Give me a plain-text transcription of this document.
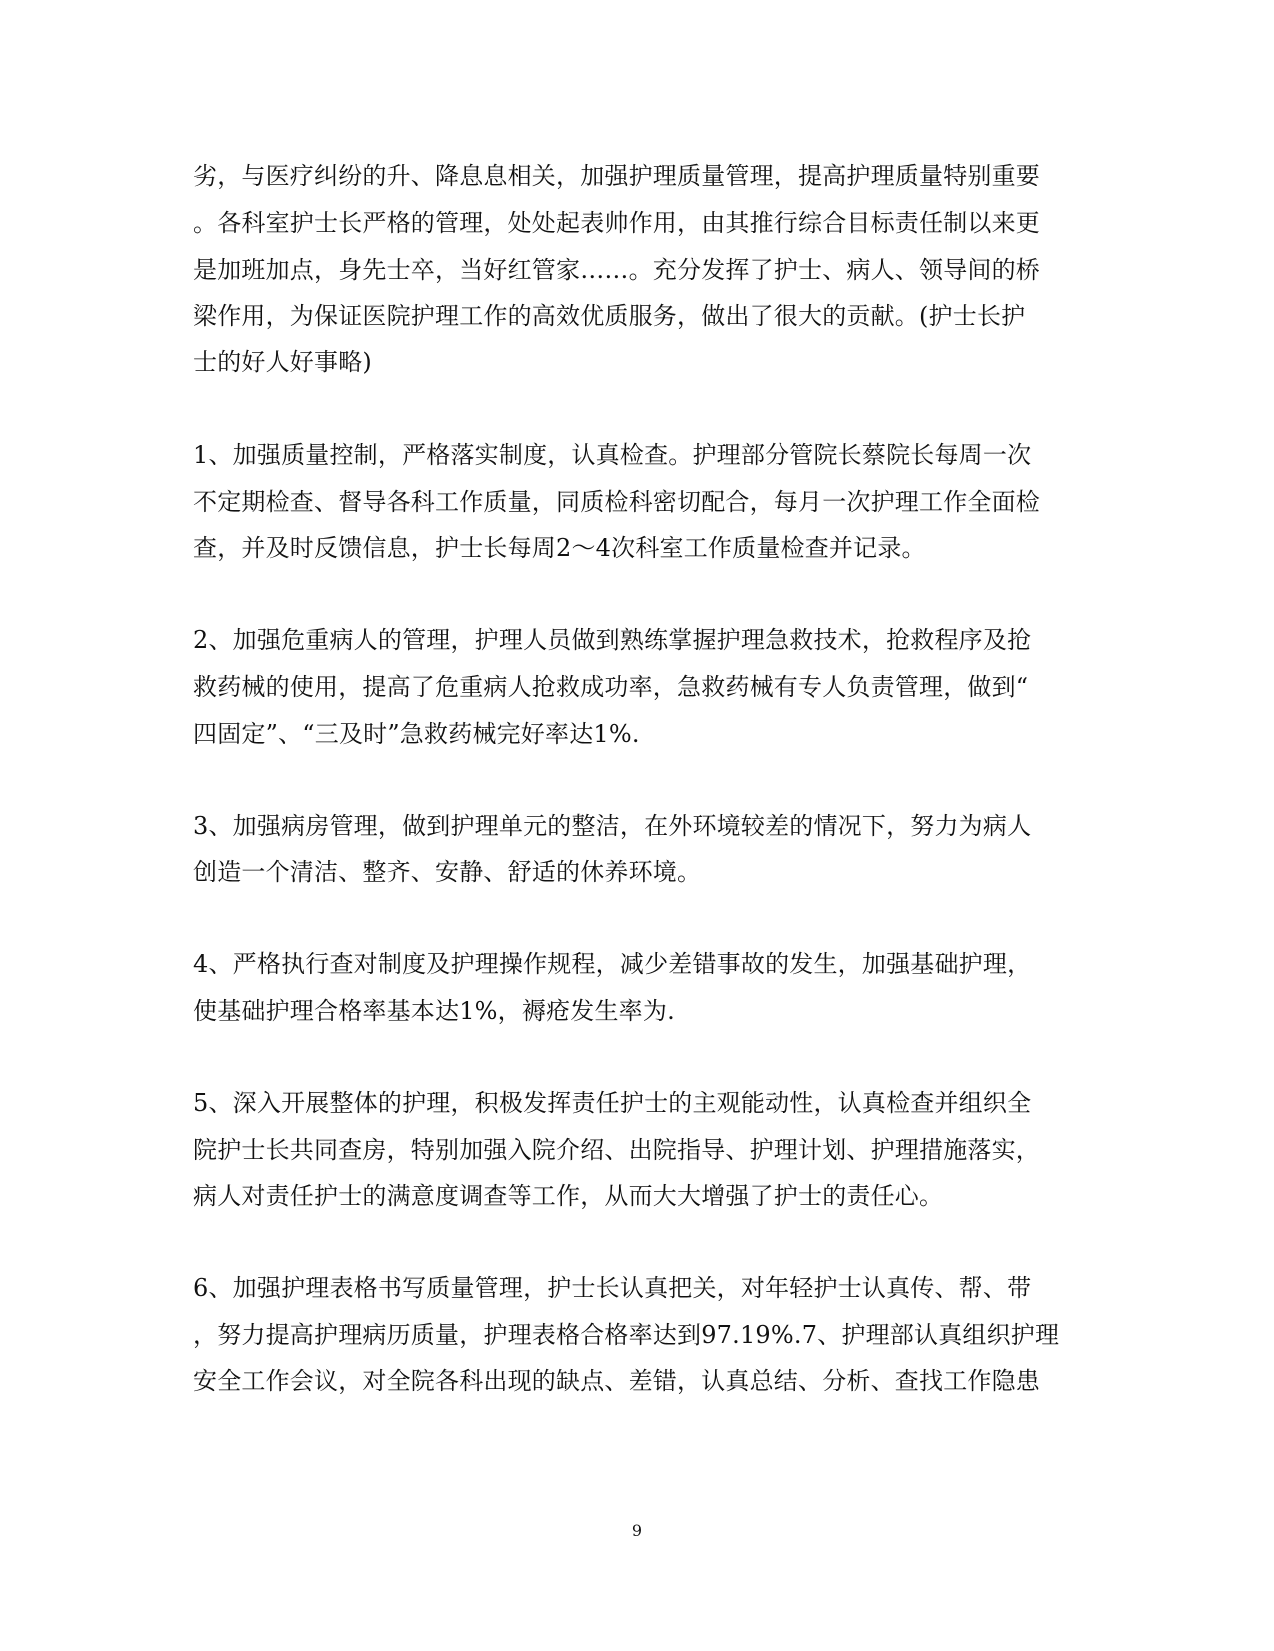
劣，与医疗纠纷的升、降息息相关，加强护理质量管理，提高护理质量特别重要
。各科室护士长严格的管理，处处起表帅作用，由其推行综合目标责任制以来更
是加班加点，身先士卒，当好红管家……。充分发挥了护士、病人、领导间的桥
梁作用，为保证医院护理工作的高效优质服务，做出了很大的贡献。(护士长护
士的好人好事略)
1、加强质量控制，严格落实制度，认真检查。护理部分管院长蔡院长每周一次
不定期检查、督导各科工作质量，同质检科密切配合，每月一次护理工作全面检
查，并及时反馈信息，护士长每周2～4次科室工作质量检查并记录。
2、加强危重病人的管理，护理人员做到熟练掌握护理急救技术，抢救程序及抢
救药械的使用，提高了危重病人抢救成功率，急救药械有专人负责管理，做到“
四固定”、“三及时”急救药械完好率达1%.
3、加强病房管理，做到护理单元的整洁，在外环境较差的情况下，努力为病人
创造一个清洁、整齐、安静、舒适的休养环境。
4、严格执行查对制度及护理操作规程，减少差错事故的发生，加强基础护理，
使基础护理合格率基本达1%，褥疮发生率为.
5、深入开展整体的护理，积极发挥责任护士的主观能动性，认真检查并组织全
院护士长共同查房，特别加强入院介绍、出院指导、护理计划、护理措施落实，
病人对责任护士的满意度调查等工作，从而大大增强了护士的责任心。
6、加强护理表格书写质量管理，护士长认真把关，对年轻护士认真传、帮、带
，努力提高护理病历质量，护理表格合格率达到97.19%.7、护理部认真组织护理
安全工作会议，对全院各科出现的缺点、差错，认真总结、分析、查找工作隐患
9
